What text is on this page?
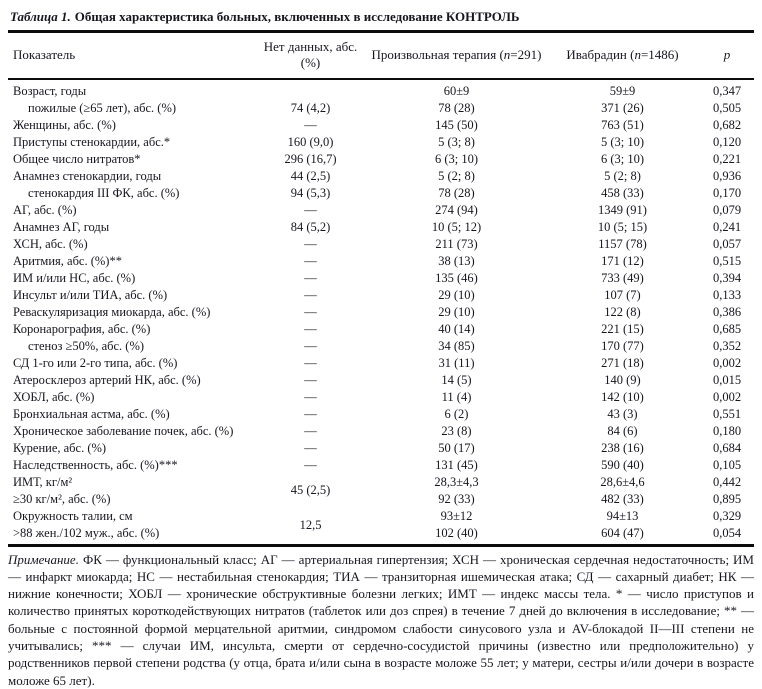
Таблица 1. Общая характеристика больных, включенных в исследование КОНТРОЛЬ
Показатель	Нет данных, абс. (%)	Произвольная терапия (n=291)	Ивабрадин (n=1486)	p
Возраст, годы		60±9	59±9	0,347
пожилые (≥65 лет), абс. (%)	74 (4,2)	78 (28)	371 (26)	0,505
Женщины, абс. (%)	—	145 (50)	763 (51)	0,682
Приступы стенокардии, абс.*	160 (9,0)	5 (3; 8)	5 (3; 10)	0,120
Общее число нитратов*	296 (16,7)	6 (3; 10)	6 (3; 10)	0,221
Анамнез стенокардии, годы	44 (2,5)	5 (2; 8)	5 (2; 8)	0,936
стенокардия III ФК, абс. (%)	94 (5,3)	78 (28)	458 (33)	0,170
АГ, абс. (%)	—	274 (94)	1349 (91)	0,079
Анамнез АГ, годы	84 (5,2)	10 (5; 12)	10 (5; 15)	0,241
ХСН, абс. (%)	—	211 (73)	1157 (78)	0,057
Аритмия, абс. (%)**	—	38 (13)	171 (12)	0,515
ИМ и/или НС, абс. (%)	—	135 (46)	733 (49)	0,394
Инсульт и/или ТИА, абс. (%)	—	29 (10)	107 (7)	0,133
Реваскуляризация миокарда, абс. (%)	—	29 (10)	122 (8)	0,386
Коронарография, абс. (%)	—	40 (14)	221 (15)	0,685
стеноз ≥50%, абс. (%)	—	34 (85)	170 (77)	0,352
СД 1-го или 2-го типа, абс. (%)	—	31 (11)	271 (18)	0,002
Атеросклероз артерий НК, абс. (%)	—	14 (5)	140 (9)	0,015
ХОБЛ, абс. (%)	—	11 (4)	142 (10)	0,002
Бронхиальная астма, абс. (%)	—	6 (2)	43 (3)	0,551
Хроническое заболевание почек, абс. (%)	—	23 (8)	84 (6)	0,180
Курение, абс. (%)	—	50 (17)	238 (16)	0,684
Наследственность, абс. (%)***	—	131 (45)	590 (40)	0,105
ИМТ, кг/м²	45 (2,5)	28,3±4,3	28,6±4,6	0,442
≥30 кг/м², абс. (%)		92 (33)	482 (33)	0,895
Окружность талии, см	12,5	93±12	94±13	0,329
>88 жен./102 муж., абс. (%)		102 (40)	604 (47)	0,054
Примечание. ФК — функциональный класс; АГ — артериальная гипертензия; ХСН — хроническая сердечная недостаточность; ИМ — инфаркт миокарда; НС — нестабильная стенокардия; ТИА — транзиторная ишемическая атака; СД — сахарный диабет; НК — нижние конечности; ХОБЛ — хронические обструктивные болезни легких; ИМТ — индекс массы тела. * — число приступов и количество принятых короткодействующих нитратов (таблеток или доз спрея) в течение 7 дней до включения в исследование; ** — больные с постоянной формой мерцательной аритмии, синдромом слабости синусового узла и AV-блокадой II—III степени не учитывались; *** — случаи ИМ, инсульта, смерти от сердечно-сосудистой причины (известно или предположительно) у родственников первой степени родства (у отца, брата и/или сына в возрасте моложе 55 лет; у матери, сестры и/или дочери в возрасте моложе 65 лет).
